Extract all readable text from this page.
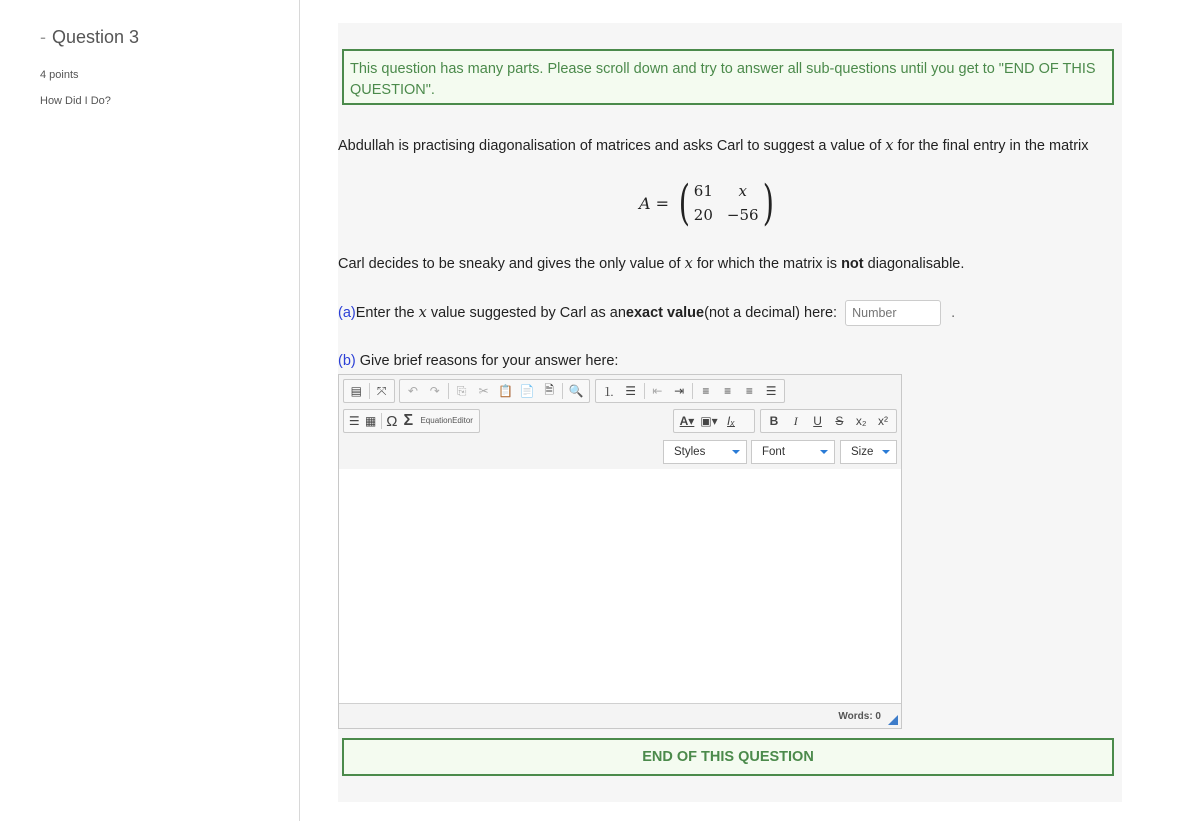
- Question 3
4 points
How Did I Do?
This question has many parts. Please scroll down and try to answer all sub-questions until you get to "END OF THIS QUESTION".
Abdullah is practising diagonalisation of matrices and asks Carl to suggest a value of x for the final entry in the matrix
A = ( 61	x
20 −56 )
Carl decides to be sneaky and gives the only value of x for which the matrix is not diagonalisable.
(a) Enter the
x
value suggested by Carl as an exact value (not a decimal) here:
Number	.
(b) Give brief reasons for your answer here:
▤	⤧	↶ ↷	⎘	✂ 📋 📄 🗎	🔍	⒈ ☰	⇤ ⇥	≡	≡	≡	☰
☰ ▦ Ω Σ Equation Editor	A▾ ▣▾ Iₓ	B	I	U	S	x₂ x²
Styles	Font	Size
Words: 0
END OF THIS QUESTION
